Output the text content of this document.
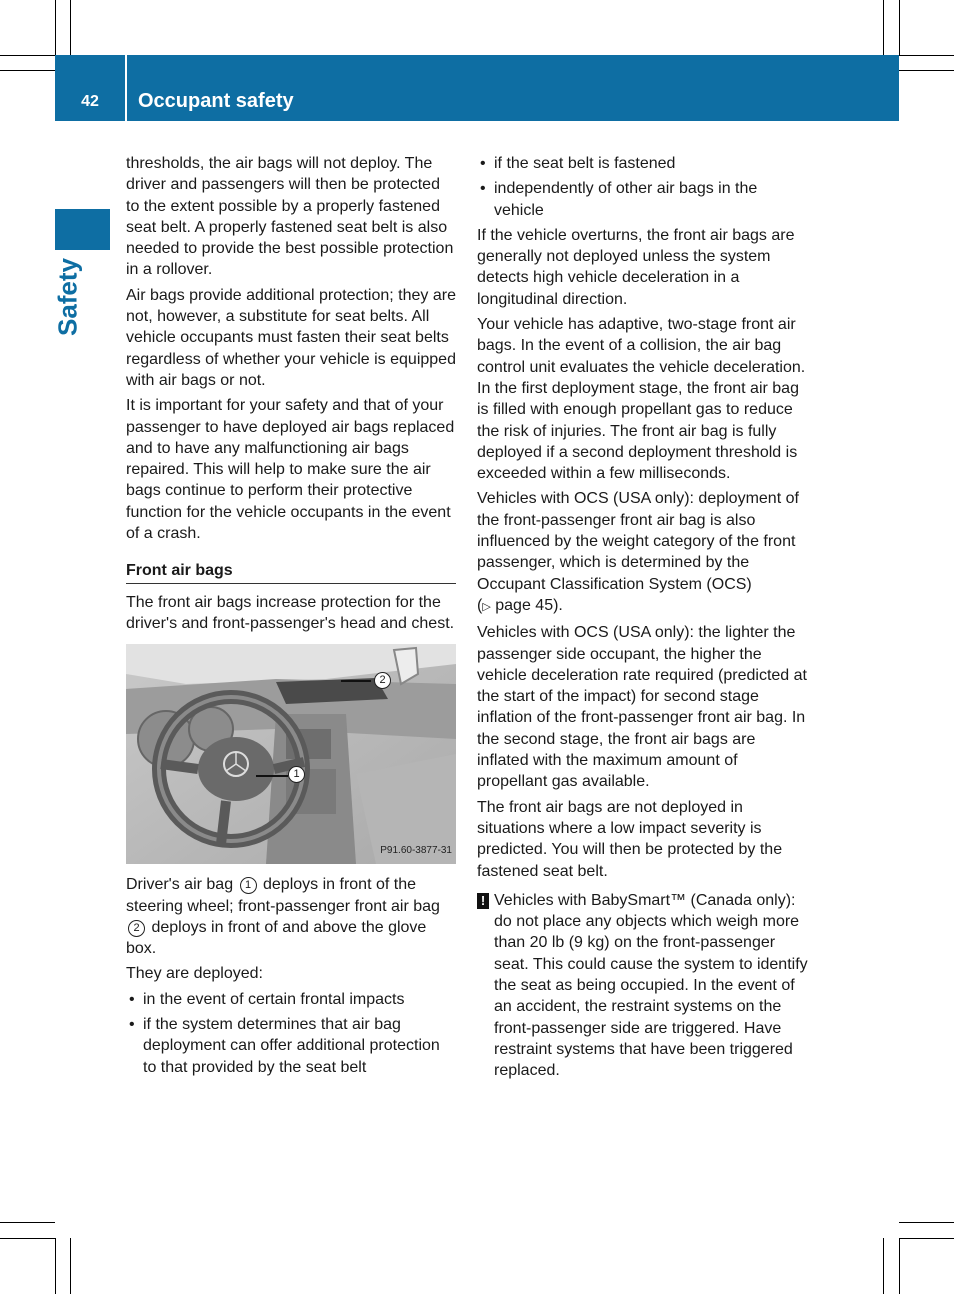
42	Occupant safety
Safety

thresholds, the air bags will not deploy. The driver and passengers will then be protected to the extent possible by a properly fastened seat belt. A properly fastened seat belt is also needed to provide the best possible protection in a rollover.

Air bags provide additional protection; they are not, however, a substitute for seat belts. All vehicle occupants must fasten their seat belts regardless of whether your vehicle is equipped with air bags or not.

It is important for your safety and that of your passenger to have deployed air bags replaced and to have any malfunctioning air bags repaired. This will help to make sure the air bags continue to perform their protective function for the vehicle occupants in the event of a crash.

Front air bags

The front air bags increase protection for the driver's and front-passenger's head and chest.

1
2
P91.60-3877-31

Driver's air bag 1 deploys in front of the steering wheel; front-passenger front air bag 2 deploys in front of and above the glove box.

They are deployed:

• in the event of certain frontal impacts
• if the system determines that air bag deployment can offer additional protection to that provided by the seat belt
• if the seat belt is fastened
• independently of other air bags in the vehicle

If the vehicle overturns, the front air bags are generally not deployed unless the system detects high vehicle deceleration in a longitudinal direction.

Your vehicle has adaptive, two-stage front air bags. In the event of a collision, the air bag control unit evaluates the vehicle deceleration. In the first deployment stage, the front air bag is filled with enough propellant gas to reduce the risk of injuries. The front air bag is fully deployed if a second deployment threshold is exceeded within a few milliseconds.

Vehicles with OCS (USA only): deployment of the front-passenger front air bag is also influenced by the weight category of the front passenger, which is determined by the Occupant Classification System (OCS)
(▷ page 45).

Vehicles with OCS (USA only): the lighter the passenger side occupant, the higher the vehicle deceleration rate required (predicted at the start of the impact) for second stage inflation of the front-passenger front air bag. In the second stage, the front air bags are inflated with the maximum amount of propellant gas available.

The front air bags are not deployed in situations where a low impact severity is predicted. You will then be protected by the fastened seat belt.

! Vehicles with BabySmart™ (Canada only): do not place any objects which weigh more than 20 lb (9 kg) on the front-passenger seat. This could cause the system to identify the seat as being occupied. In the event of an accident, the restraint systems on the front-passenger side are triggered. Have restraint systems that have been triggered replaced.
